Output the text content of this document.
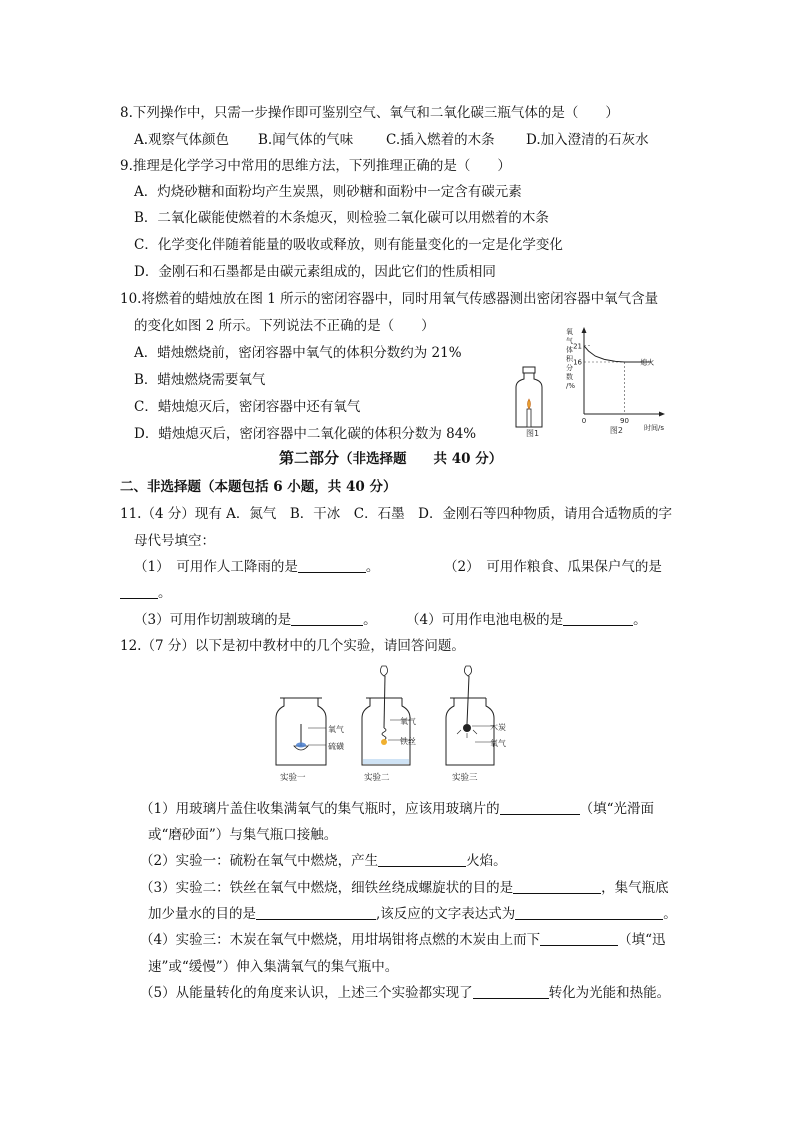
8.下列操作中，只需一步操作即可鉴别空气、氧气和二氧化碳三瓶气体的是（　　）
A.观察气体颜色 B.闻气体的气味 C.插入燃着的木条 D.加入澄清的石灰水
9.推理是化学学习中常用的思维方法，下列推理正确的是（　　）
A．灼烧砂糖和面粉均产生炭黑，则砂糖和面粉中一定含有碳元素
B．二氧化碳能使燃着的木条熄灭，则检验二氧化碳可以用燃着的木条
C．化学变化伴随着能量的吸收或释放，则有能量变化的一定是化学变化
D．金刚石和石墨都是由碳元素组成的，因此它们的性质相同
10.将燃着的蜡烛放在图 1 所示的密闭容器中，同时用氧气传感器测出密闭容器中氧气含量
的变化如图 2 所示。下列说法不正确的是（　　）
A．蜡烛燃烧前，密闭容器中氧气的体积分数约为 21%
B．蜡烛燃烧需要氧气
C．蜡烛熄灭后，密闭容器中还有氧气
D．蜡烛熄灭后，密闭容器中二氧化碳的体积分数为 84%	图1
氧
气
体
积
分
数
/%
21
16
0	90
熄火
时间/s
图2
第二部分（非选择题　　共 40 分）
二、非选择题（本题包括 6 小题，共 40 分）
11.（4 分）现有 A．氮气　B．干冰　C．石墨　D．金刚石等四种物质，请用合适物质的字
母代号填空：
（1）　可用作人工降雨的是	。	（2）　可用作粮食、瓜果保户气的是
。
（3）可用作切割玻璃的是	。 （4）可用作电池电极的是	。
12.（7 分）以下是初中教材中的几个实验，请回答问题。
氧气
硫磺
实验一
氧气
铁丝
实验二
木炭
氧气
实验三
（1）用玻璃片盖住收集满氧气的集气瓶时，应该用玻璃片的	（填“光滑面
或“磨砂面”）与集气瓶口接触。
（2）实验一：硫粉在氧气中燃烧，产生	火焰。
（3）实验二：铁丝在氧气中燃烧，细铁丝绕成螺旋状的目的是	，集气瓶底
加少量水的目的是	,该反应的文字表达式为	。
（4）实验三：木炭在氧气中燃烧，用坩埚钳将点燃的木炭由上而下	（填“迅
速”或“缓慢”）伸入集满氧气的集气瓶中。
（5）从能量转化的角度来认识，上述三个实验都实现了	转化为光能和热能。
